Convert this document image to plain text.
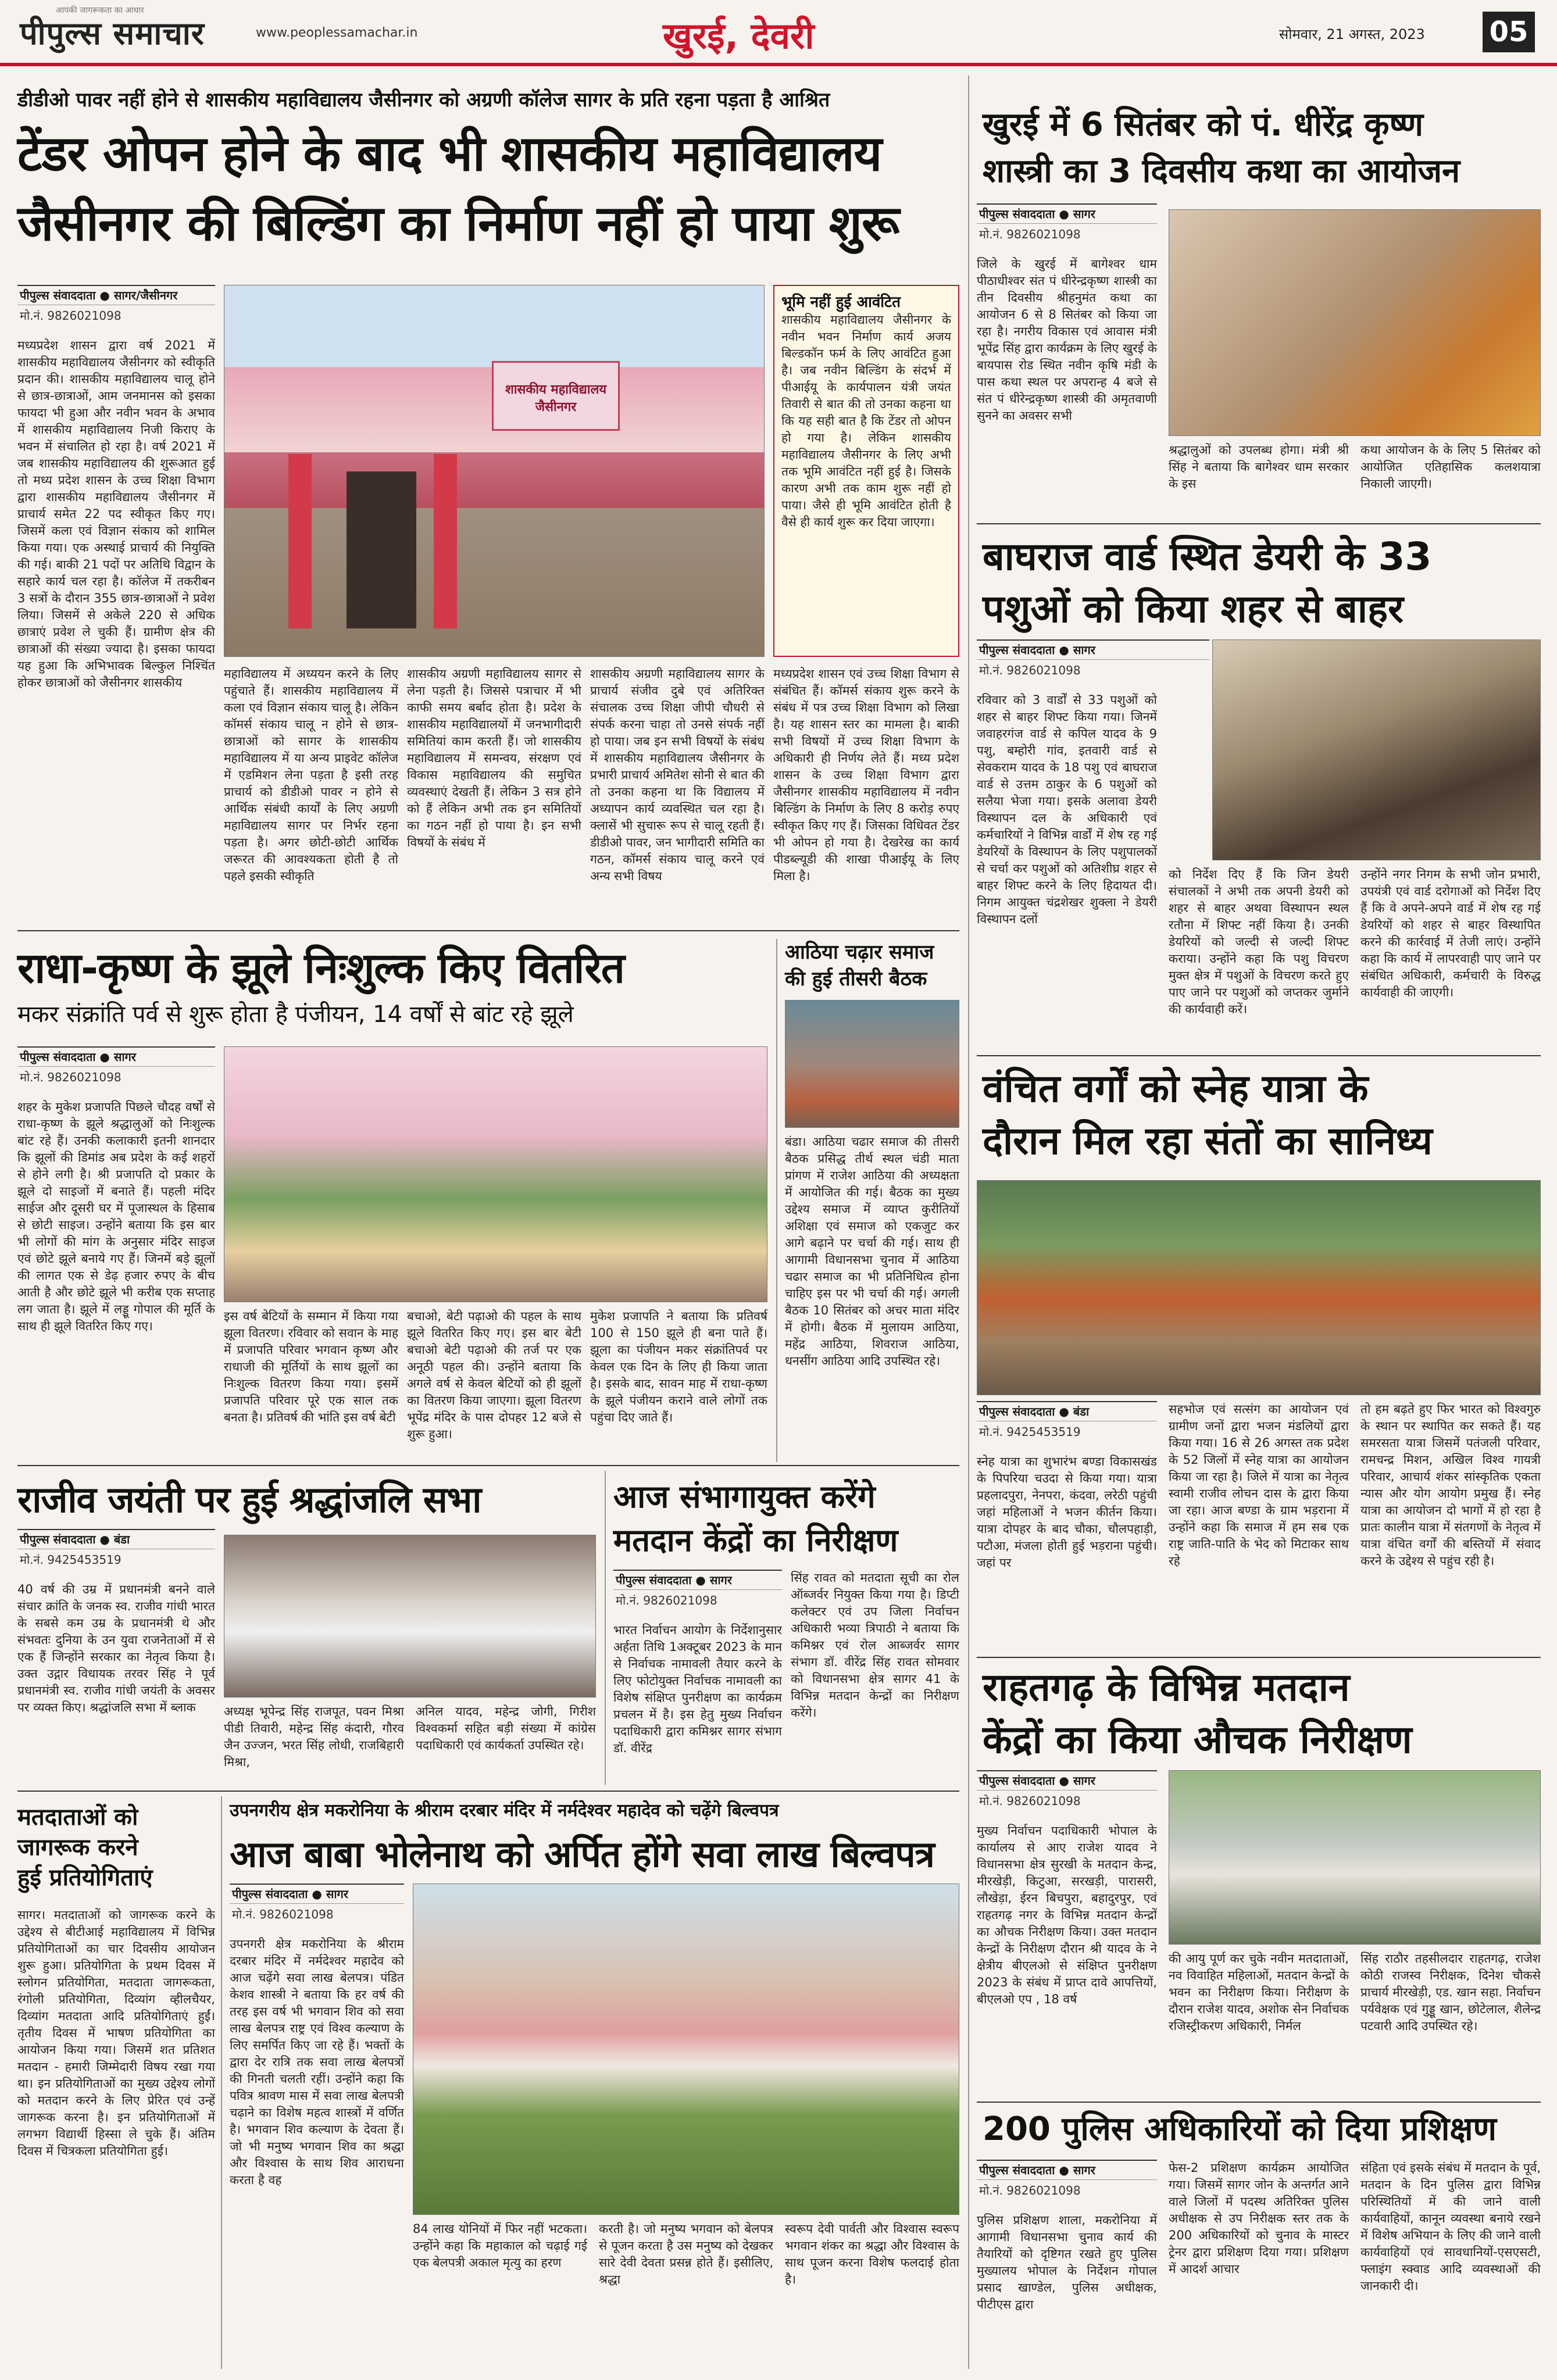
पीपुल्स समाचार
आपकी जागरूकता का आधार
www.peoplessamachar.in	खुरई, देवरी	सोमवार, 21 अगस्त, 2023 05
डीडीओ पावर नहीं होने से शासकीय महाविद्यालय जैसीनगर को अग्रणी कॉलेज सागर के प्रति रहना पड़ता है आश्रित
टेंडर ओपन होने के बाद भी शासकीय महाविद्यालय
जैसीनगर की बिल्डिंग का निर्माण नहीं हो पाया शुरू
पीपुल्स संवाददाता ● सागर/जैसीनगर
मो.नं. 9826021098
मध्यप्रदेश शासन द्वारा वर्ष 2021 में शासकीय महाविद्यालय जैसीनगर को स्वीकृति प्रदान की। शासकीय महाविद्यालय चालू होने से छात्र-छात्राओं, आम जनमानस को इसका फायदा भी हुआ और नवीन भवन के अभाव में शासकीय महाविद्यालय निजी किराए के भवन में संचालित हो रहा है। वर्ष 2021 में जब शासकीय महाविद्यालय की शुरूआत हुई तो मध्य प्रदेश शासन के उच्च शिक्षा विभाग द्वारा शासकीय महाविद्यालय जैसीनगर में प्राचार्य समेत 22 पद स्वीकृत किए गए। जिसमें कला एवं विज्ञान संकाय को शामिल किया गया। एक अस्थाई प्राचार्य की नियुक्ति की गई। बाकी 21 पदों पर अतिथि विद्वान के सहारे कार्य चल रहा है। कॉलेज में तकरीबन 3 सत्रों के दौरान 355 छात्र-छात्राओं ने प्रवेश लिया। जिसमें से अकेले 220 से अधिक छात्राएं प्रवेश ले चुकी हैं। ग्रामीण क्षेत्र की छात्राओं की संख्या ज्यादा है। इसका फायदा यह हुआ कि अभिभावक बिल्कुल निश्चिंत होकर छात्राओं को जैसीनगर शासकीय
शासकीय महाविद्यालय जैसीनगर
भूमि नहीं हुई आवंटित
शासकीय महाविद्यालय जैसीनगर के नवीन भवन निर्माण कार्य अजय बिल्डकॉन फर्म के लिए आवंटित हुआ है। जब नवीन बिल्डिंग के संदर्भ में पीआईयू के कार्यपालन यंत्री जयंत तिवारी से बात की तो उनका कहना था कि यह सही बात है कि टेंडर तो ओपन हो गया है। लेकिन शासकीय महाविद्यालय जैसीनगर के लिए अभी तक भूमि आवंटित नहीं हुई है। जिसके कारण अभी तक काम शुरू नहीं हो पाया। जैसे ही भूमि आवंटित होती है वैसे ही कार्य शुरू कर दिया जाएगा।
महाविद्यालय में अध्ययन करने के लिए पहुंचाते हैं। शासकीय महाविद्यालय में कला एवं विज्ञान संकाय चालू है। लेकिन कॉमर्स संकाय चालू न होने से छात्र-छात्राओं को सागर के शासकीय महाविद्यालय में या अन्य प्राइवेट कॉलेज में एडमिशन लेना पड़ता है इसी तरह प्राचार्य को डीडीओ पावर न होने से आर्थिक संबंधी कार्यों के लिए अग्रणी महाविद्यालय सागर पर निर्भर रहना पड़ता है। अगर छोटी-छोटी आर्थिक जरूरत की आवश्यकता होती है तो पहले इसकी स्वीकृति
शासकीय अग्रणी महाविद्यालय सागर से लेना पड़ती है। जिससे पत्राचार में भी काफी समय बर्बाद होता है। प्रदेश के शासकीय महाविद्यालयों में जनभागीदारी समितियां काम करती हैं। जो शासकीय महाविद्यालय में समन्वय, संरक्षण एवं विकास महाविद्यालय की समुचित व्यवस्थाएं देखती हैं। लेकिन 3 सत्र होने को हैं लेकिन अभी तक इन समितियों का गठन नहीं हो पाया है। इन सभी विषयों के संबंध में
शासकीय अग्रणी महाविद्यालय सागर के प्राचार्य संजीव दुबे एवं अतिरिक्त संचालक उच्च शिक्षा जीपी चौधरी से संपर्क करना चाहा तो उनसे संपर्क नहीं हो पाया। जब इन सभी विषयों के संबंध में शासकीय महाविद्यालय जैसीनगर के प्रभारी प्राचार्य अमितेश सोनी से बात की तो उनका कहना था कि विद्यालय में अध्यापन कार्य व्यवस्थित चल रहा है। क्लासें भी सुचारू रूप से चालू रहती हैं। डीडीओ पावर, जन भागीदारी समिति का गठन, कॉमर्स संकाय चालू करने एवं अन्य सभी विषय
मध्यप्रदेश शासन एवं उच्च शिक्षा विभाग से संबंधित हैं। कॉमर्स संकाय शुरू करने के संबंध में पत्र उच्च शिक्षा विभाग को लिखा है। यह शासन स्तर का मामला है। बाकी सभी विषयों में उच्च शिक्षा विभाग के अधिकारी ही निर्णय लेते हैं। मध्य प्रदेश शासन के उच्च शिक्षा विभाग द्वारा जैसीनगर शासकीय महाविद्यालय में नवीन बिल्डिंग के निर्माण के लिए 8 करोड़ रुपए स्वीकृत किए गए हैं। जिसका विधिवत टेंडर भी ओपन हो गया है। देखरेख का कार्य पीडब्ल्यूडी की शाखा पीआईयू के लिए मिला है।
खुरई में 6 सितंबर को पं. धीरेंद्र कृष्ण
शास्त्री का 3 दिवसीय कथा का आयोजन
पीपुल्स संवाददाता ● सागर
मो.नं. 9826021098
जिले के खुरई में बागेश्वर धाम पीठाधीश्वर संत पं धीरेन्द्रकृष्ण शास्त्री का तीन दिवसीय श्रीहनुमंत कथा का आयोजन 6 से 8 सितंबर को किया जा रहा है। नगरीय विकास एवं आवास मंत्री भूपेंद्र सिंह द्वारा कार्यक्रम के लिए खुरई के बायपास रोड स्थित नवीन कृषि मंडी के पास कथा स्थल पर अपरान्ह 4 बजे से संत पं धीरेन्द्रकृष्ण शास्त्री की अमृतवाणी सुनने का अवसर सभी
श्रद्धालुओं को उपलब्ध होगा। मंत्री श्री सिंह ने बताया कि बागेश्वर धाम सरकार के इस
कथा आयोजन के के लिए 5 सितंबर को आयोजित एतिहासिक कलशयात्रा निकाली जाएगी।
बाघराज वार्ड स्थित डेयरी के 33
पशुओं को किया शहर से बाहर
पीपुल्स संवाददाता ● सागर
मो.नं. 9826021098
रविवार को 3 वार्डों से 33 पशुओं को शहर से बाहर शिफ्ट किया गया। जिनमें जवाहरगंज वार्ड से कपिल यादव के 9 पशु, बम्होरी गांव, इतवारी वार्ड से सेवकराम यादव के 18 पशु एवं बाघराज वार्ड से उत्तम ठाकुर के 6 पशुओं को सलैया भेजा गया। इसके अलावा डेयरी विस्थापन दल के अधिकारी एवं कर्मचारियों ने विभिन्न वार्डों में शेष रह गई डेयरियों के विस्थापन के लिए पशुपालकों से चर्चा कर पशुओं को अतिशीघ्र शहर से बाहर शिफ्ट करने के लिए हिदायत दी। निगम आयुक्त चंद्रशेखर शुक्ला ने डेयरी विस्थापन दलों
को निर्देश दिए हैं कि जिन डेयरी संचालकों ने अभी तक अपनी डेयरी को शहर से बाहर अथवा विस्थापन स्थल रतौना में शिफ्ट नहीं किया है। उनकी डेयरियों को जल्दी से जल्दी शिफ्ट कराया। उन्होंने कहा कि पशु विचरण मुक्त क्षेत्र में पशुओं के विचरण करते हुए पाए जाने पर पशुओं को जप्तकर जुर्माने की कार्यवाही करें।
उन्होंने नगर निगम के सभी जोन प्रभारी, उपयंत्री एवं वार्ड दरोगाओं को निर्देश दिए हैं कि वे अपने-अपने वार्ड में शेष रह गई डेयरियों को शहर से बाहर विस्थापित करने की कार्रवाई में तेजी लाएं। उन्होंने कहा कि कार्य में लापरवाही पाए जाने पर संबंधित अधिकारी, कर्मचारी के विरुद्ध कार्यवाही की जाएगी।
वंचित वर्गों को स्नेह यात्रा के
दौरान मिल रहा संतों का सानिध्य
पीपुल्स संवाददाता ● बंडा
मो.नं. 9425453519
स्नेह यात्रा का शुभारंभ बण्डा विकासखंड के पिपरिया चउदा से किया गया। यात्रा प्रहलादपुरा, नेनपरा, कंदवा, लरेठी पहुंची जहां महिलाओं ने भजन कीर्तन किया। यात्रा दोपहर के बाद चौका, चौलपहाड़ी, पटौआ, मंजला होती हुई भड़राना पहुंची। जहां पर
सहभोज एवं सत्संग का आयोजन एवं ग्रामीण जनों द्वारा भजन मंडलियों द्वारा किया गया। 16 से 26 अगस्त तक प्रदेश के 52 जिलों में स्नेह यात्रा का आयोजन किया जा रहा है। जिले में यात्रा का नेतृत्व स्वामी राजीव लोचन दास के द्वारा किया जा रहा। आज बण्डा के ग्राम भड़राना में उन्होंने कहा कि समाज में हम सब एक राष्ट्र जाति-पाति के भेद को मिटाकर साथ रहे
तो हम बढ़ते हुए फिर भारत को विश्वगुरु के स्थान पर स्थापित कर सकते हैं। यह समरसता यात्रा जिसमें पतंजली परिवार, रामचन्द्र मिशन, अखिल विश्व गायत्री परिवार, आचार्य शंकर सांस्कृतिक एकता न्यास और योग आयोग प्रमुख हैं। स्नेह यात्रा का आयोजन दो भागों में हो रहा है प्रातः कालीन यात्रा में संतगणों के नेतृत्व में यात्रा वंचित वर्गों की बस्तियों में संवाद करने के उद्देश्य से पहुंच रही है।
राधा-कृष्ण के झूले निःशुल्क किए वितरित
मकर संक्रांति पर्व से शुरू होता है पंजीयन, 14 वर्षों से बांट रहे झूले
पीपुल्स संवाददाता ● सागर
मो.नं. 9826021098
शहर के मुकेश प्रजापति पिछले चौदह वर्षों से राधा-कृष्ण के झूले श्रद्धालुओं को निःशुल्क बांट रहे हैं। उनकी कलाकारी इतनी शानदार कि झूलों की डिमांड अब प्रदेश के कई शहरों से होने लगी है। श्री प्रजापति दो प्रकार के झूले दो साइजों में बनाते हैं। पहली मंदिर साईज और दूसरी घर में पूजास्थल के हिसाब से छोटी साइज। उन्होंने बताया कि इस बार भी लोगों की मांग के अनुसार मंदिर साइज एवं छोटे झूले बनाये गए हैं। जिनमें बड़े झूलों की लागत एक से डेढ़ हजार रुपए के बीच आती है और छोटे झूले भी करीब एक सप्ताह लग जाता है। झूले में लड्डू गोपाल की मूर्ति के साथ ही झूले वितरित किए गए।
इस वर्ष बेटियों के सम्मान में किया गया झूला वितरण। रविवार को सवान के माह में प्रजापति परिवार भगवान कृष्ण और राधाजी की मूर्तियों के साथ झूलों का निःशुल्क वितरण किया गया। इसमें प्रजापति परिवार पूरे एक साल तक बनता है। प्रतिवर्ष की भांति इस वर्ष बेटी
बचाओ, बेटी पढ़ाओ की पहल के साथ झूले वितरित किए गए। इस बार बेटी बचाओ बेटी पढ़ाओ की तर्ज पर एक अनूठी पहल की। उन्होंने बताया कि अगले वर्ष से केवल बेटियों को ही झूलों का वितरण किया जाएगा। झूला वितरण भूपेंद्र मंदिर के पास दोपहर 12 बजे से शुरू हुआ।
मुकेश प्रजापति ने बताया कि प्रतिवर्ष 100 से 150 झूले ही बना पाते हैं। झूला का पंजीयन मकर संक्रांतिपर्व पर केवल एक दिन के लिए ही किया जाता है। इसके बाद, सावन माह में राधा-कृष्ण के झूले पंजीयन कराने वाले लोगों तक पहुंचा दिए जाते हैं।
आठिया चढ़ार समाज की हुई तीसरी बैठक
बंडा। आठिया चढार समाज की तीसरी बैठक प्रसिद्ध तीर्थ स्थल चंडी माता प्रांगण में राजेश आठिया की अध्यक्षता में आयोजित की गई। बैठक का मुख्य उद्देश्य समाज में व्याप्त कुरीतियों अशिक्षा एवं समाज को एकजुट कर आगे बढ़ाने पर चर्चा की गई। साथ ही आगामी विधानसभा चुनाव में आठिया चढार समाज का भी प्रतिनिधित्व होना चाहिए इस पर भी चर्चा की गई। अगली बैठक 10 सितंबर को अचर माता मंदिर में होगी। बैठक में मुलायम आठिया, महेंद्र आठिया, शिवराज आठिया, धनसींग आठिया आदि उपस्थित रहे।
राजीव जयंती पर हुई श्रद्धांजलि सभा
पीपुल्स संवाददाता ● बंडा
मो.नं. 9425453519
40 वर्ष की उम्र में प्रधानमंत्री बनने वाले संचार क्रांति के जनक स्व. राजीव गांधी भारत के सबसे कम उम्र के प्रधानमंत्री थे और संभवतः दुनिया के उन युवा राजनेताओं में से एक हैं जिन्होंने सरकार का नेतृत्व किया है। उक्त उद्गार विधायक तरवर सिंह ने पूर्व प्रधानमंत्री स्व. राजीव गांधी जयंती के अवसर पर व्यक्त किए। श्रद्धांजलि सभा में ब्लाक	अध्यक्ष भूपेन्द्र सिंह राजपूत, पवन मिश्रा पीडी तिवारी, महेन्द्र सिंह कंदारी, गौरव जैन उज्जन, भरत सिंह लोधी, राजबिहारी मिश्रा,
अनिल यादव, महेन्द्र जोगी, गिरीश विश्वकर्मा सहित बड़ी संख्या में कांग्रेस पदाधिकारी एवं कार्यकर्ता उपस्थित रहे।
आज संभागायुक्त करेंगे
मतदान केंद्रों का निरीक्षण
पीपुल्स संवाददाता ● सागर
मो.नं. 9826021098
भारत निर्वाचन आयोग के निर्देशानुसार अर्हता तिथि 1अक्टूबर 2023 के मान से निर्वाचक नामावली तैयार करने के लिए फोटोयुक्त निर्वाचक नामावली का विशेष संक्षिप्त पुनरीक्षण का कार्यक्रम प्रचलन में है। इस हेतु मुख्य निर्वाचन पदाधिकारी द्वारा कमिश्नर सागर संभाग डॉ. वीरेंद्र
सिंह रावत को मतदाता सूची का रोल ऑब्जर्वर नियुक्त किया गया है। डिप्टी कलेक्टर एवं उप जिला निर्वाचन अधिकारी भव्या त्रिपाठी ने बताया कि कमिश्नर एवं रोल आब्जर्वर सागर संभाग डॉ. वीरेंद्र सिंह रावत सोमवार को विधानसभा क्षेत्र सागर 41 के विभिन्न मतदान केन्द्रों का निरीक्षण करेंगे।
राहतगढ़ के विभिन्न मतदान
केंद्रों का किया औचक निरीक्षण
पीपुल्स संवाददाता ● सागर
मो.नं. 9826021098
मुख्य निर्वाचन पदाधिकारी भोपाल के कार्यालय से आए राजेश यादव ने विधानसभा क्षेत्र सुरखी के मतदान केन्द्र, मीरखेड़ी, किटुआ, सरखड़ी, पारासरी, लौखेड़ा, ईरन बिचपुरा, बहादुरपुर, एवं राहतगढ़ नगर के विभिन्न मतदान केन्द्रों का औचक निरीक्षण किया। उक्त मतदान केन्द्रों के निरीक्षण दौरान श्री यादव के ने क्षेत्रीय बीएलओ से संक्षिप्त पुनरीक्षण 2023 के संबंध में प्राप्त दावे आपत्तियों, बीएलओ एप , 18 वर्ष
की आयु पूर्ण कर चुके नवीन मतदाताओं, नव विवाहित महिलाओं, मतदान केन्द्रों के भवन का निरीक्षण किया। निरीक्षण के दौरान राजेश यादव, अशोक सेन निर्वाचक रजिस्ट्रीकरण अधिकारी, निर्मल
सिंह राठौर तहसीलदार राहतगढ़, राजेश कोठी राजस्व निरीक्षक, दिनेश चौकसे प्राचार्य मीरखेड़ी, एड. खान सहा. निर्वाचन पर्यवेक्षक एवं गुड्डू खान, छोटेलाल, शैलेन्द्र पटवारी आदि उपस्थित रहे।
200 पुलिस अधिकारियों को दिया प्रशिक्षण
पीपुल्स संवाददाता ● सागर
मो.नं. 9826021098
पुलिस प्रशिक्षण शाला, मकरोनिया में आगामी विधानसभा चुनाव कार्य की तैयारियों को दृष्टिगत रखते हुए पुलिस मुख्यालय भोपाल के निर्देशन गोपाल प्रसाद खाण्डेल, पुलिस अधीक्षक, पीटीएस द्वारा
फेस-2 प्रशिक्षण कार्यक्रम आयोजित गया। जिसमें सागर जोन के अन्तर्गत आने वाले जिलों में पदस्थ अतिरिक्त पुलिस अधीक्षक से उप निरीक्षक स्तर तक के 200 अधिकारियों को चुनाव के मास्टर ट्रेनर द्वारा प्रशिक्षण दिया गया। प्रशिक्षण में आदर्श आचार
संहिता एवं इसके संबंध में मतदान के पूर्व, मतदान के दिन पुलिस द्वारा विभिन्न परिस्थितियों में की जाने वाली कार्यवाहियों, कानून व्यवस्था बनाये रखने में विशेष अभियान के लिए की जाने वाली कार्यवाहियों एवं सावधानियों-एसएसटी, फ्लाइंग स्क्वाड आदि व्यवस्थाओं की जानकारी दी।
मतदाताओं को
जागरूक करने
हुई प्रतियोगिताएं
सागर। मतदाताओं को जागरूक करने के उद्देश्य से बीटीआई महाविद्यालय में विभिन्न प्रतियोगिताओं का चार दिवसीय आयोजन शुरू हुआ। प्रतियोगिता के प्रथम दिवस में स्लोगन प्रतियोगिता, मतदाता जागरूकता, रंगोली प्रतियोगिता, दिव्यांग व्हीलचैयर, दिव्यांग मतदाता आदि प्रतियोगिताएं हुईं। तृतीय दिवस में भाषण प्रतियोगिता का आयोजन किया गया। जिसमें शत प्रतिशत मतदान - हमारी जिम्मेदारी विषय रखा गया था। इन प्रतियोगिताओं का मुख्य उद्देश्य लोगों को मतदान करने के लिए प्रेरित एवं उन्हें जागरूक करना है। इन प्रतियोगिताओं में लगभग विद्यार्थी हिस्सा ले चुके हैं। अंतिम दिवस में चित्रकला प्रतियोगिता हुई।
उपनगरीय क्षेत्र मकरोनिया के श्रीराम दरबार मंदिर में नर्मदेश्वर महादेव को चढ़ेंगे बिल्वपत्र
आज बाबा भोलेनाथ को अर्पित होंगे सवा लाख बिल्वपत्र
पीपुल्स संवाददाता ● सागर
मो.नं. 9826021098
उपनगरी क्षेत्र मकरोनिया के श्रीराम दरबार मंदिर में नर्मदेश्वर महादेव को आज चढ़ेंगे सवा लाख बेलपत्र। पंडित केशव शास्त्री ने बताया कि हर वर्ष की तरह इस वर्ष भी भगवान शिव को सवा लाख बेलपत्र राष्ट्र एवं विश्व कल्याण के लिए समर्पित किए जा रहे हैं। भक्तों के द्वारा देर रात्रि तक सवा लाख बेलपत्रों की गिनती चलती रहीं। उन्होंने कहा कि पवित्र श्रावण मास में सवा लाख बेलपत्री चढ़ाने का विशेष महत्व शास्त्रों में वर्णित है। भगवान शिव कल्याण के देवता हैं। जो भी मनुष्य भगवान शिव का श्रद्धा और विश्वास के साथ शिव आराधना करता है वह
84 लाख योनियों में फिर नहीं भटकता। उन्होंने कहा कि महाकाल को चढ़ाई गई एक बेलपत्री अकाल मृत्यु का हरण
करती है। जो मनुष्य भगवान को बेलपत्र से पूजन करता है उस मनुष्य को देखकर सारे देवी देवता प्रसन्न होते हैं। इसीलिए, श्रद्धा
स्वरूप देवी पार्वती और विश्वास स्वरूप भगवान शंकर का श्रद्धा और विश्वास के साथ पूजन करना विशेष फलदाई होता है।
